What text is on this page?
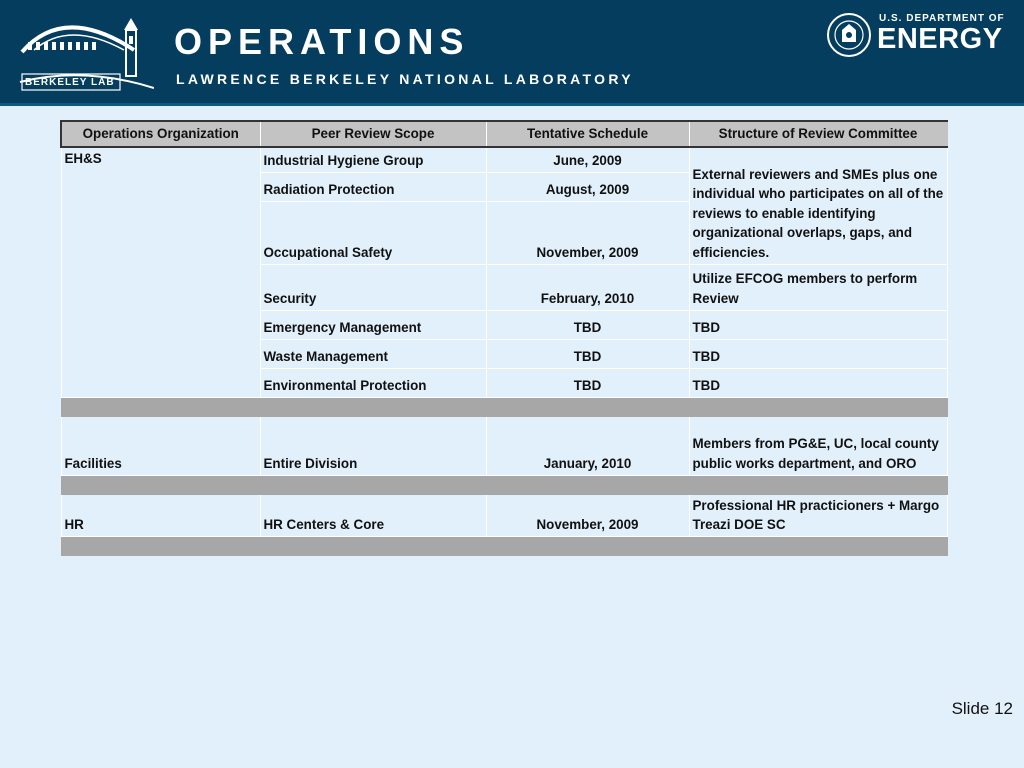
BERKELEY LAB
OPERATIONS
LAWRENCE BERKELEY NATIONAL LABORATORY
U.S. DEPARTMENT OF
ENERGY
Operations Organization	Peer Review Scope	Tentative Schedule	Structure of Review Committee
EH&S	Industrial Hygiene Group	June, 2009	External reviewers and SMEs plus one individual who participates on all of the reviews to enable identifying organizational overlaps, gaps, and efficiencies.
	Radiation Protection	August, 2009	
	Occupational Safety	November, 2009	
	Security	February, 2010	Utilize EFCOG members to perform Review
	Emergency Management	TBD	TBD
	Waste Management	TBD	TBD
	Environmental Protection	TBD	TBD

Facilities	Entire Division	January, 2010	Members from PG&E, UC, local county public works department, and ORO

HR	HR Centers & Core	November, 2009	Professional HR practicioners + Margo Treazi DOE SC

Slide 12
